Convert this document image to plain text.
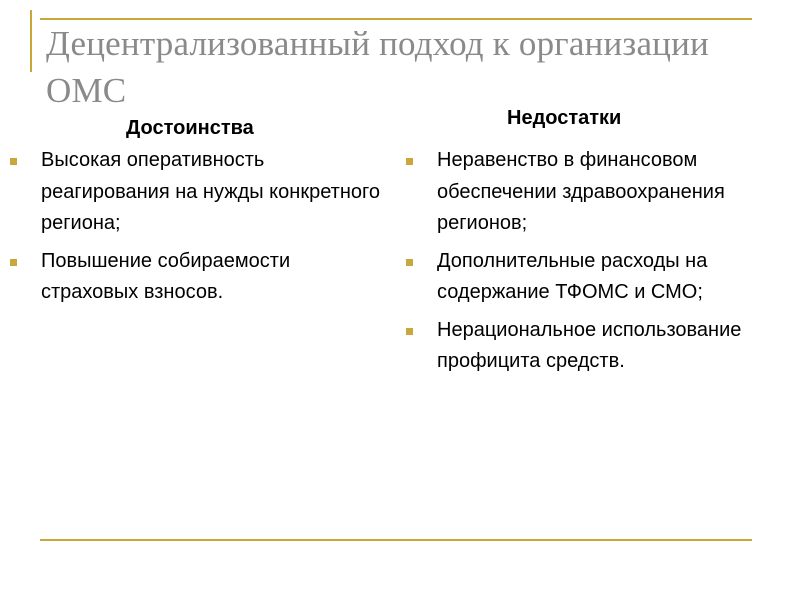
Децентрализованный подход к организации ОМС
Достоинства	Недостатки
Высокая оперативность реагирования на нужды конкретного региона;
Повышение собираемости страховых взносов.
Неравенство в финансовом обеспечении здравоохранения регионов;
Дополнительные расходы на содержание ТФОМС и СМО;
Нерациональное использование профицита средств.
